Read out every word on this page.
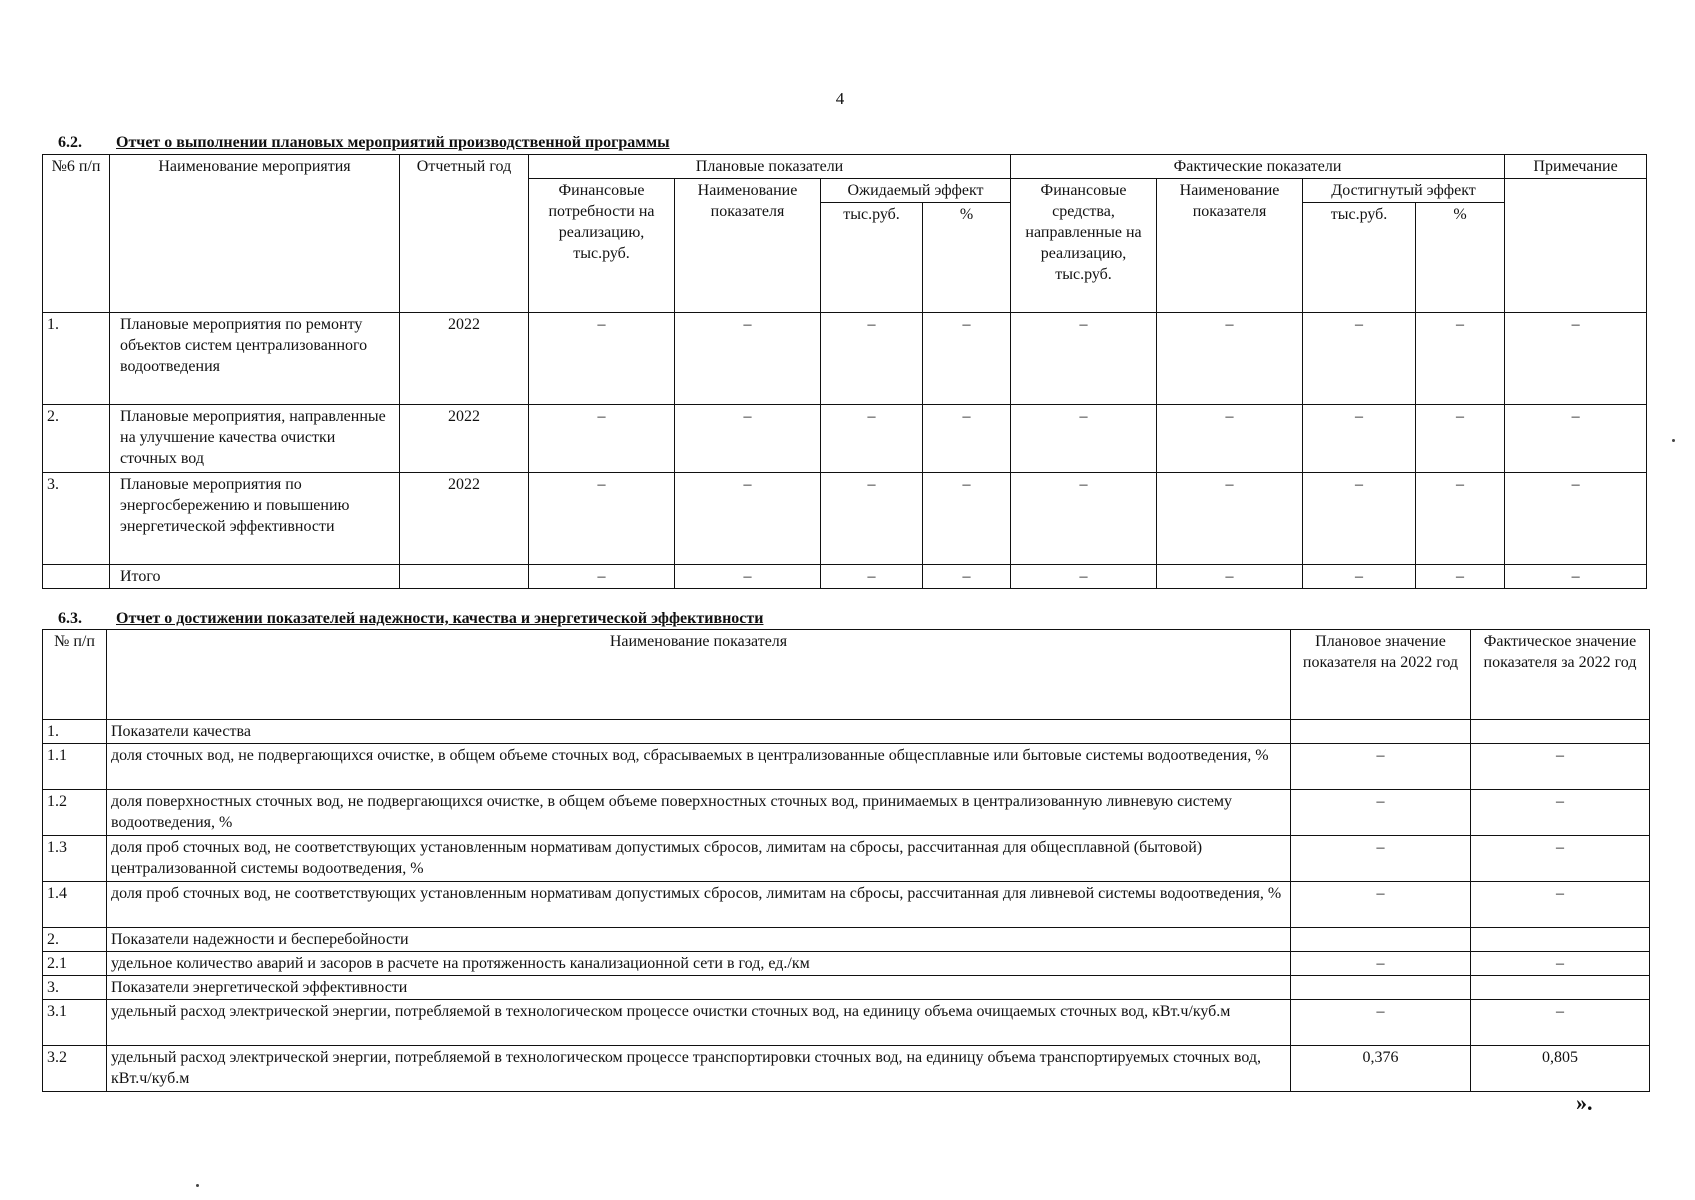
4
6.2. Отчет о выполнении плановых мероприятий производственной программы
№6 п/п	Наименование мероприятия	Отчетный год	Плановые показатели				Фактические показатели				Примечание
			Финансовые потребности на реализацию, тыс.руб.	Наименование показателя	Ожидаемый эффект		Финансовые средства, направленные на реализацию, тыс.руб.	Наименование показателя	Достигнутый эффект		
					тыс.руб.	%			тыс.руб.	%	
1.	Плановые мероприятия по ремонту объектов систем централизованного водоотведения	2022	–	–	–	–	–	–	–	–	–
2.	Плановые мероприятия, направленные на улучшение качества очистки сточных вод	2022	–	–	–	–	–	–	–	–	–
3.	Плановые мероприятия по энергосбережению и повышению энергетической эффективности	2022	–	–	–	–	–	–	–	–	–
	Итого		–	–	–	–	–	–	–	–	–
6.3. Отчет о достижении показателей надежности, качества и энергетической эффективности
№ п/п	Наименование показателя	Плановое значение показателя на 2022 год	Фактическое значение показателя за 2022 год
1.	Показатели качества		
1.1	доля сточных вод, не подвергающихся очистке, в общем объеме сточных вод, сбрасываемых в централизованные общесплавные или бытовые системы водоотведения, %	–	–
1.2	доля поверхностных сточных вод, не подвергающихся очистке, в общем объеме поверхностных сточных вод, принимаемых в централизованную ливневую систему водоотведения, %	–	–
1.3	доля проб сточных вод, не соответствующих установленным нормативам допустимых сбросов, лимитам на сбросы, рассчитанная для общесплавной (бытовой) централизованной системы водоотведения, %	–	–
1.4	доля проб сточных вод, не соответствующих установленным нормативам допустимых сбросов, лимитам на сбросы, рассчитанная для ливневой системы водоотведения, %	–	–
2.	Показатели надежности и бесперебойности		
2.1	удельное количество аварий и засоров в расчете на протяженность канализационной сети в год, ед./км	–	–
3.	Показатели энергетической эффективности		
3.1	удельный расход электрической энергии, потребляемой в технологическом процессе очистки сточных вод, на единицу объема очищаемых сточных вод, кВт.ч/куб.м	–	–
3.2	удельный расход электрической энергии, потребляемой в технологическом процессе транспортировки сточных вод, на единицу объема транспортируемых сточных вод, кВт.ч/куб.м	0,376	0,805
».
